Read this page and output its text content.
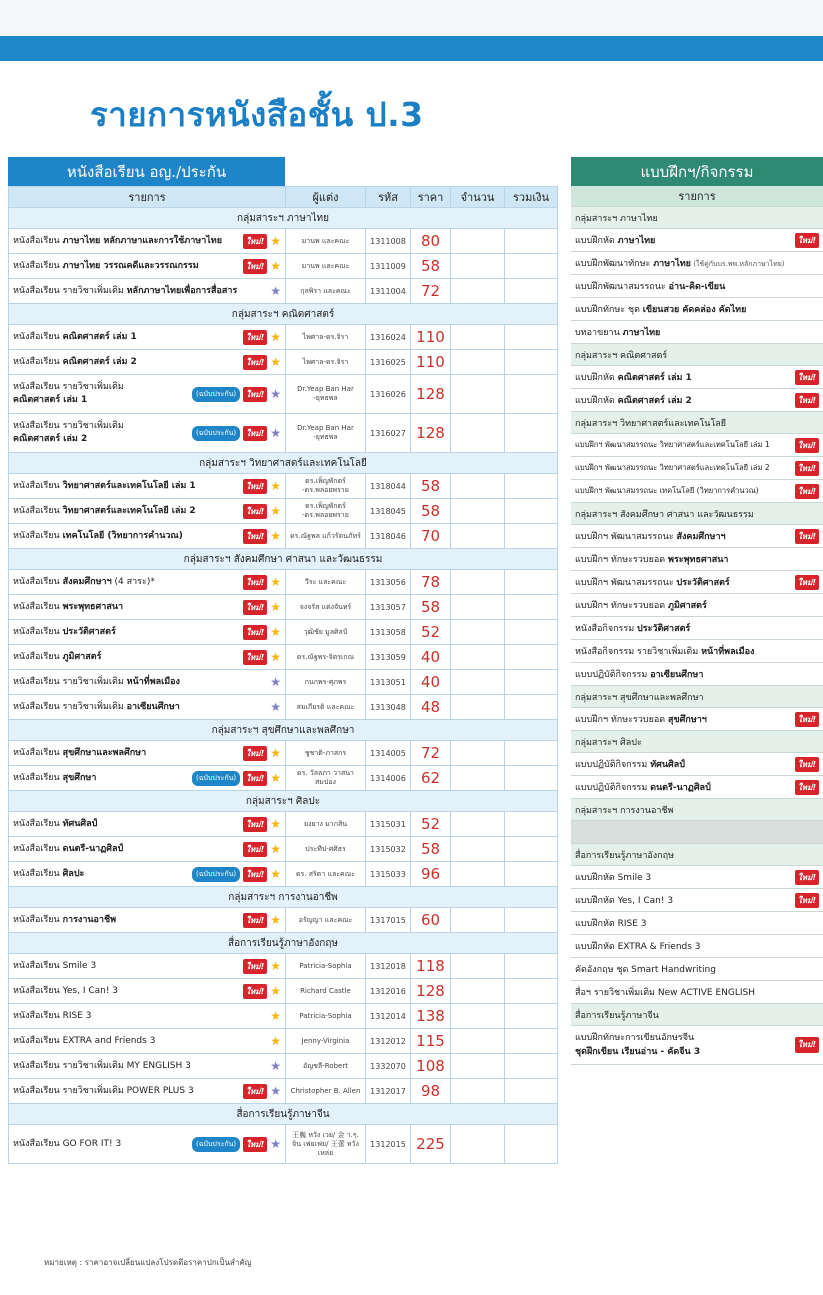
รายการหนังสือชั้น ป.3
หนังสือเรียน อญ./ประกัน
รายการ	ผู้แต่ง	รหัส	ราคา	จำนวน	รวมเงิน
กลุ่มสาระฯ ภาษาไทย					

หนังสือเรียน ภาษาไทย หลักภาษาและการใช้ภาษาไทย ใหม่! ★	มานพ และคณะ	1311008	80		

หนังสือเรียน ภาษาไทย วรรณคดีและวรรณกรรม ใหม่! ★	มานพ และคณะ	1311009	58		

หนังสือเรียน รายวิชาเพิ่มเติม หลักภาษาไทยเพื่อการสื่อสาร ★	กุลพิรา และคณะ	1311004	72		
กลุ่มสาระฯ คณิตศาสตร์					

หนังสือเรียน คณิตศาสตร์ เล่ม 1 ใหม่! ★	ไพศาล-ดร.จิรา	1316024	110		

หนังสือเรียน คณิตศาสตร์ เล่ม 2 ใหม่! ★	ไพศาล-ดร.จิรา	1316025	110		

หนังสือเรียน รายวิชาเพิ่มเติม
คณิตศาสตร์ เล่ม 1
(ฉบับประกัน) ใหม่! ★	Dr.Yeap Ban Har -ยุทธพล	1316026	128		

หนังสือเรียน รายวิชาเพิ่มเติม
คณิตศาสตร์ เล่ม 2
(ฉบับประกัน) ใหม่! ★	Dr.Yeap Ban Har -ยุทธพล	1316027	128		
กลุ่มสาระฯ วิทยาศาสตร์และเทคโนโลยี					

หนังสือเรียน วิทยาศาสตร์และเทคโนโลยี เล่ม 1 ใหม่! ★	ดร.เพ็ญพักตร์ -ดร.พลอยพราย	1318044	58		

หนังสือเรียน วิทยาศาสตร์และเทคโนโลยี เล่ม 2 ใหม่! ★	ดร.เพ็ญพักตร์ -ดร.พลอยพราย	1318045	58		

หนังสือเรียน เทคโนโลยี (วิทยาการคำนวณ) ใหม่! ★	ดร.ณัฐพล แก้วรัตนภัทร์	1318046	70		
กลุ่มสาระฯ สังคมศึกษา ศาสนา และวัฒนธรรม					

หนังสือเรียน สังคมศึกษาฯ (4 สาระ)* ใหม่! ★	วีระ และคณะ	1313056	78		

หนังสือเรียน พระพุทธศาสนา ใหม่! ★	จงจรัส แต่งจันทร์	1313057	58		

หนังสือเรียน ประวัติศาสตร์ ใหม่! ★	วุฒิชัย มูลศิลป์	1313058	52		

หนังสือเรียน ภูมิศาสตร์ ใหม่! ★	ดร.ณัฐพร-จิตรเกณ	1313059	40		

หนังสือเรียน รายวิชาเพิ่มเติม หน้าที่พลเมือง ★	กนกพร-ศุภพร	1313051	40		

หนังสือเรียน รายวิชาเพิ่มเติม อาเซียนศึกษา ★	สมเกียรติ และคณะ	1313048	48		
กลุ่มสาระฯ สุขศึกษาและพลศึกษา					

หนังสือเรียน สุขศึกษาและพลศึกษา ใหม่! ★	ชูชาติ-ภาสกร	1314005	72		

หนังสือเรียน สุขศึกษา (ฉบับประกัน) ใหม่! ★	ดร. วัลลภา วาสนาสมปอง	1314006	62		
กลุ่มสาระฯ ศิลปะ					

หนังสือเรียน ทัศนศิลป์ ใหม่! ★	ยงยาง มากสิน	1315031	52		

หนังสือเรียน ดนตรี-นาฏศิลป์ ใหม่! ★	ประทีป-ศศิธร	1315032	58		

หนังสือเรียน ศิลปะ (ฉบับประกัน) ใหม่! ★	ดร. สริตา และคณะ	1315033	96		
กลุ่มสาระฯ การงานอาชีพ					

หนังสือเรียน การงานอาชีพ ใหม่! ★	อรัญญา และคณะ	1317015	60		
สื่อการเรียนรู้ภาษาอังกฤษ					

หนังสือเรียน Smile 3 ใหม่! ★	Patricia-Sophia	1312018	118		

หนังสือเรียน Yes, I Can! 3 ใหม่! ★	Richard Castle	1312016	128		

หนังสือเรียน RISE 3 ★	Patricia-Sophia	1312014	138		

หนังสือเรียน EXTRA and Friends 3 ★	Jenny-Virginia	1312012	115		

หนังสือเรียน รายวิชาเพิ่มเติม MY ENGLISH 3 ★	อัญชลี-Robert	1332070	108		

หนังสือเรียน รายวิชาเพิ่มเติม POWER PLUS 3 ใหม่! ★	Christopher B. Allen	1312017	98		
สื่อการเรียนรู้ภาษาจีน					

หนังสือเรียน GO FOR IT! 3 (ฉบับประกัน) ใหม่! ★	王巍 หวัง เวย/ 金 า.ๆ. จิน เฟยเฟย/ 王蕾 หวัง เหล่ย	1312015	225		
แบบฝึกฯ/กิจกรรม
รายการ
กลุ่มสาระฯ ภาษาไทย

แบบฝึกหัด ภาษาไทย	ใหม่!

แบบฝึกพัฒนาทักษะ ภาษาไทย (ใช้คู่กับบร.พพ.หลักภาษาไทย)

แบบฝึกพัฒนาสมรรถนะ อ่าน-คิด-เขียน

แบบฝึกทักษะ ชุด เขียนสวย คัดคล่อง คัดไทย

บทอาขยาน ภาษาไทย

กลุ่มสาระฯ คณิตศาสตร์

แบบฝึกหัด คณิตศาสตร์ เล่ม 1	ใหม่!

แบบฝึกหัด คณิตศาสตร์ เล่ม 2	ใหม่!

กลุ่มสาระฯ วิทยาศาสตร์และเทคโนโลยี

แบบฝึกฯ พัฒนาสมรรถนะ วิทยาศาสตร์และเทคโนโลยี เล่ม 1	ใหม่!

แบบฝึกฯ พัฒนาสมรรถนะ วิทยาศาสตร์และเทคโนโลยี เล่ม 2	ใหม่!

แบบฝึกฯ พัฒนาสมรรถนะ เทคโนโลยี (วิทยาการคำนวณ)	ใหม่!

กลุ่มสาระฯ สังคมศึกษา ศาสนา และวัฒนธรรม

แบบฝึกฯ พัฒนาสมรรถนะ สังคมศึกษาฯ	ใหม่!

แบบฝึกฯ ทักษะรวบยอด พระพุทธศาสนา

แบบฝึกฯ พัฒนาสมรรถนะ ประวัติศาสตร์	ใหม่!

แบบฝึกฯ ทักษะรวบยอด ภูมิศาสตร์

หนังสือกิจกรรม ประวัติศาสตร์

หนังสือกิจกรรม รายวิชาเพิ่มเติม หน้าที่พลเมือง

แบบปฏิบัติกิจกรรม อาเซียนศึกษา

กลุ่มสาระฯ สุขศึกษาและพลศึกษา

แบบฝึกฯ ทักษะรวบยอด สุขศึกษาฯ	ใหม่!

กลุ่มสาระฯ ศิลปะ

แบบปฏิบัติกิจกรรม ทัศนศิลป์	ใหม่!

แบบปฏิบัติกิจกรรม ดนตรี-นาฏศิลป์	ใหม่!

กลุ่มสาระฯ การงานอาชีพ

สื่อการเรียนรู้ภาษาอังกฤษ

แบบฝึกหัด Smile 3	ใหม่!

แบบฝึกหัด Yes, I Can! 3	ใหม่!

แบบฝึกหัด RISE 3

แบบฝึกหัด EXTRA & Friends 3

คัดอังกฤษ ชุด Smart Handwriting

สื่อฯ รายวิชาเพิ่มเติม New ACTIVE ENGLISH

สื่อการเรียนรู้ภาษาจีน

แบบฝึกทักษะการเขียนอักษรจีน
ชุดฝึกเขียน เรียนอ่าน - คัดจีน 3
ใหม่!
หมายเหตุ : ราคาอาจเปลี่ยนแปลงโปรดดึอราคาปกเป็นสำคัญ
